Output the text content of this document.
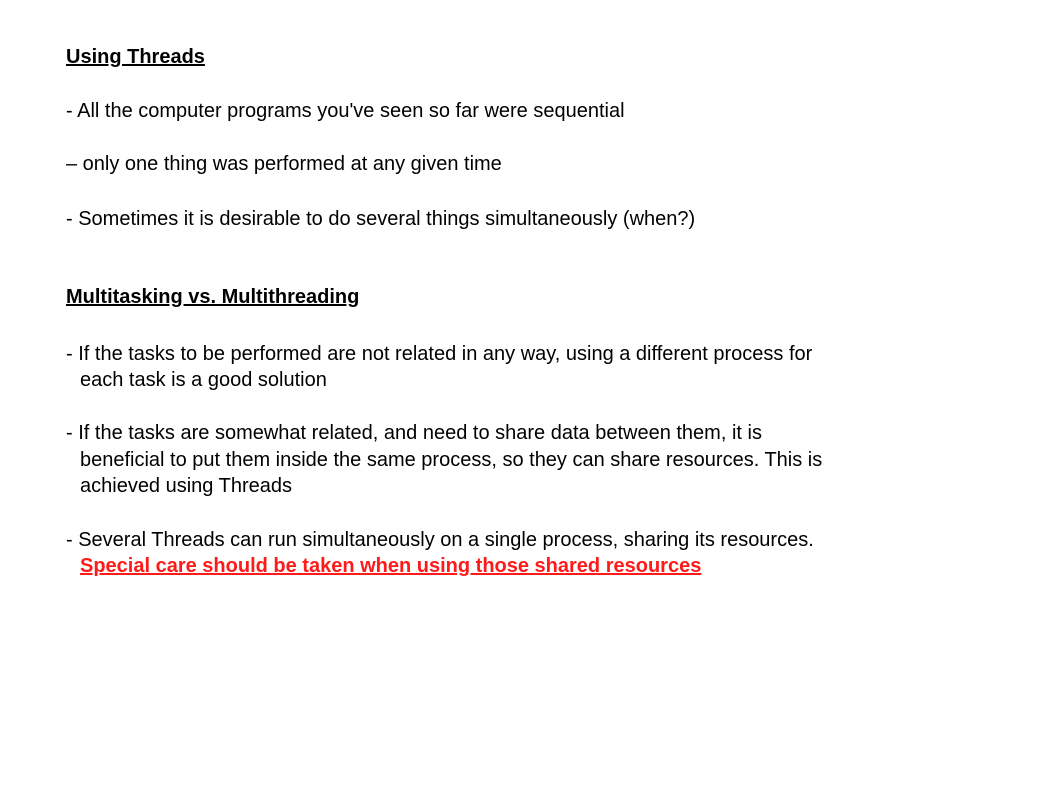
Using Threads
- All the computer programs you've seen so far were sequential
– only one thing was performed at any given time
- Sometimes it is desirable to do several things simultaneously (when?)
Multitasking vs. Multithreading
- If the tasks to be performed are not related in any way, using a different process for
each task is a good solution
- If the tasks are somewhat related, and need to share data between them, it is
beneficial to put them inside the same process, so they can share resources. This is
achieved using Threads
- Several Threads can run simultaneously on a single process, sharing its resources.
Special care should be taken when using those shared resources
